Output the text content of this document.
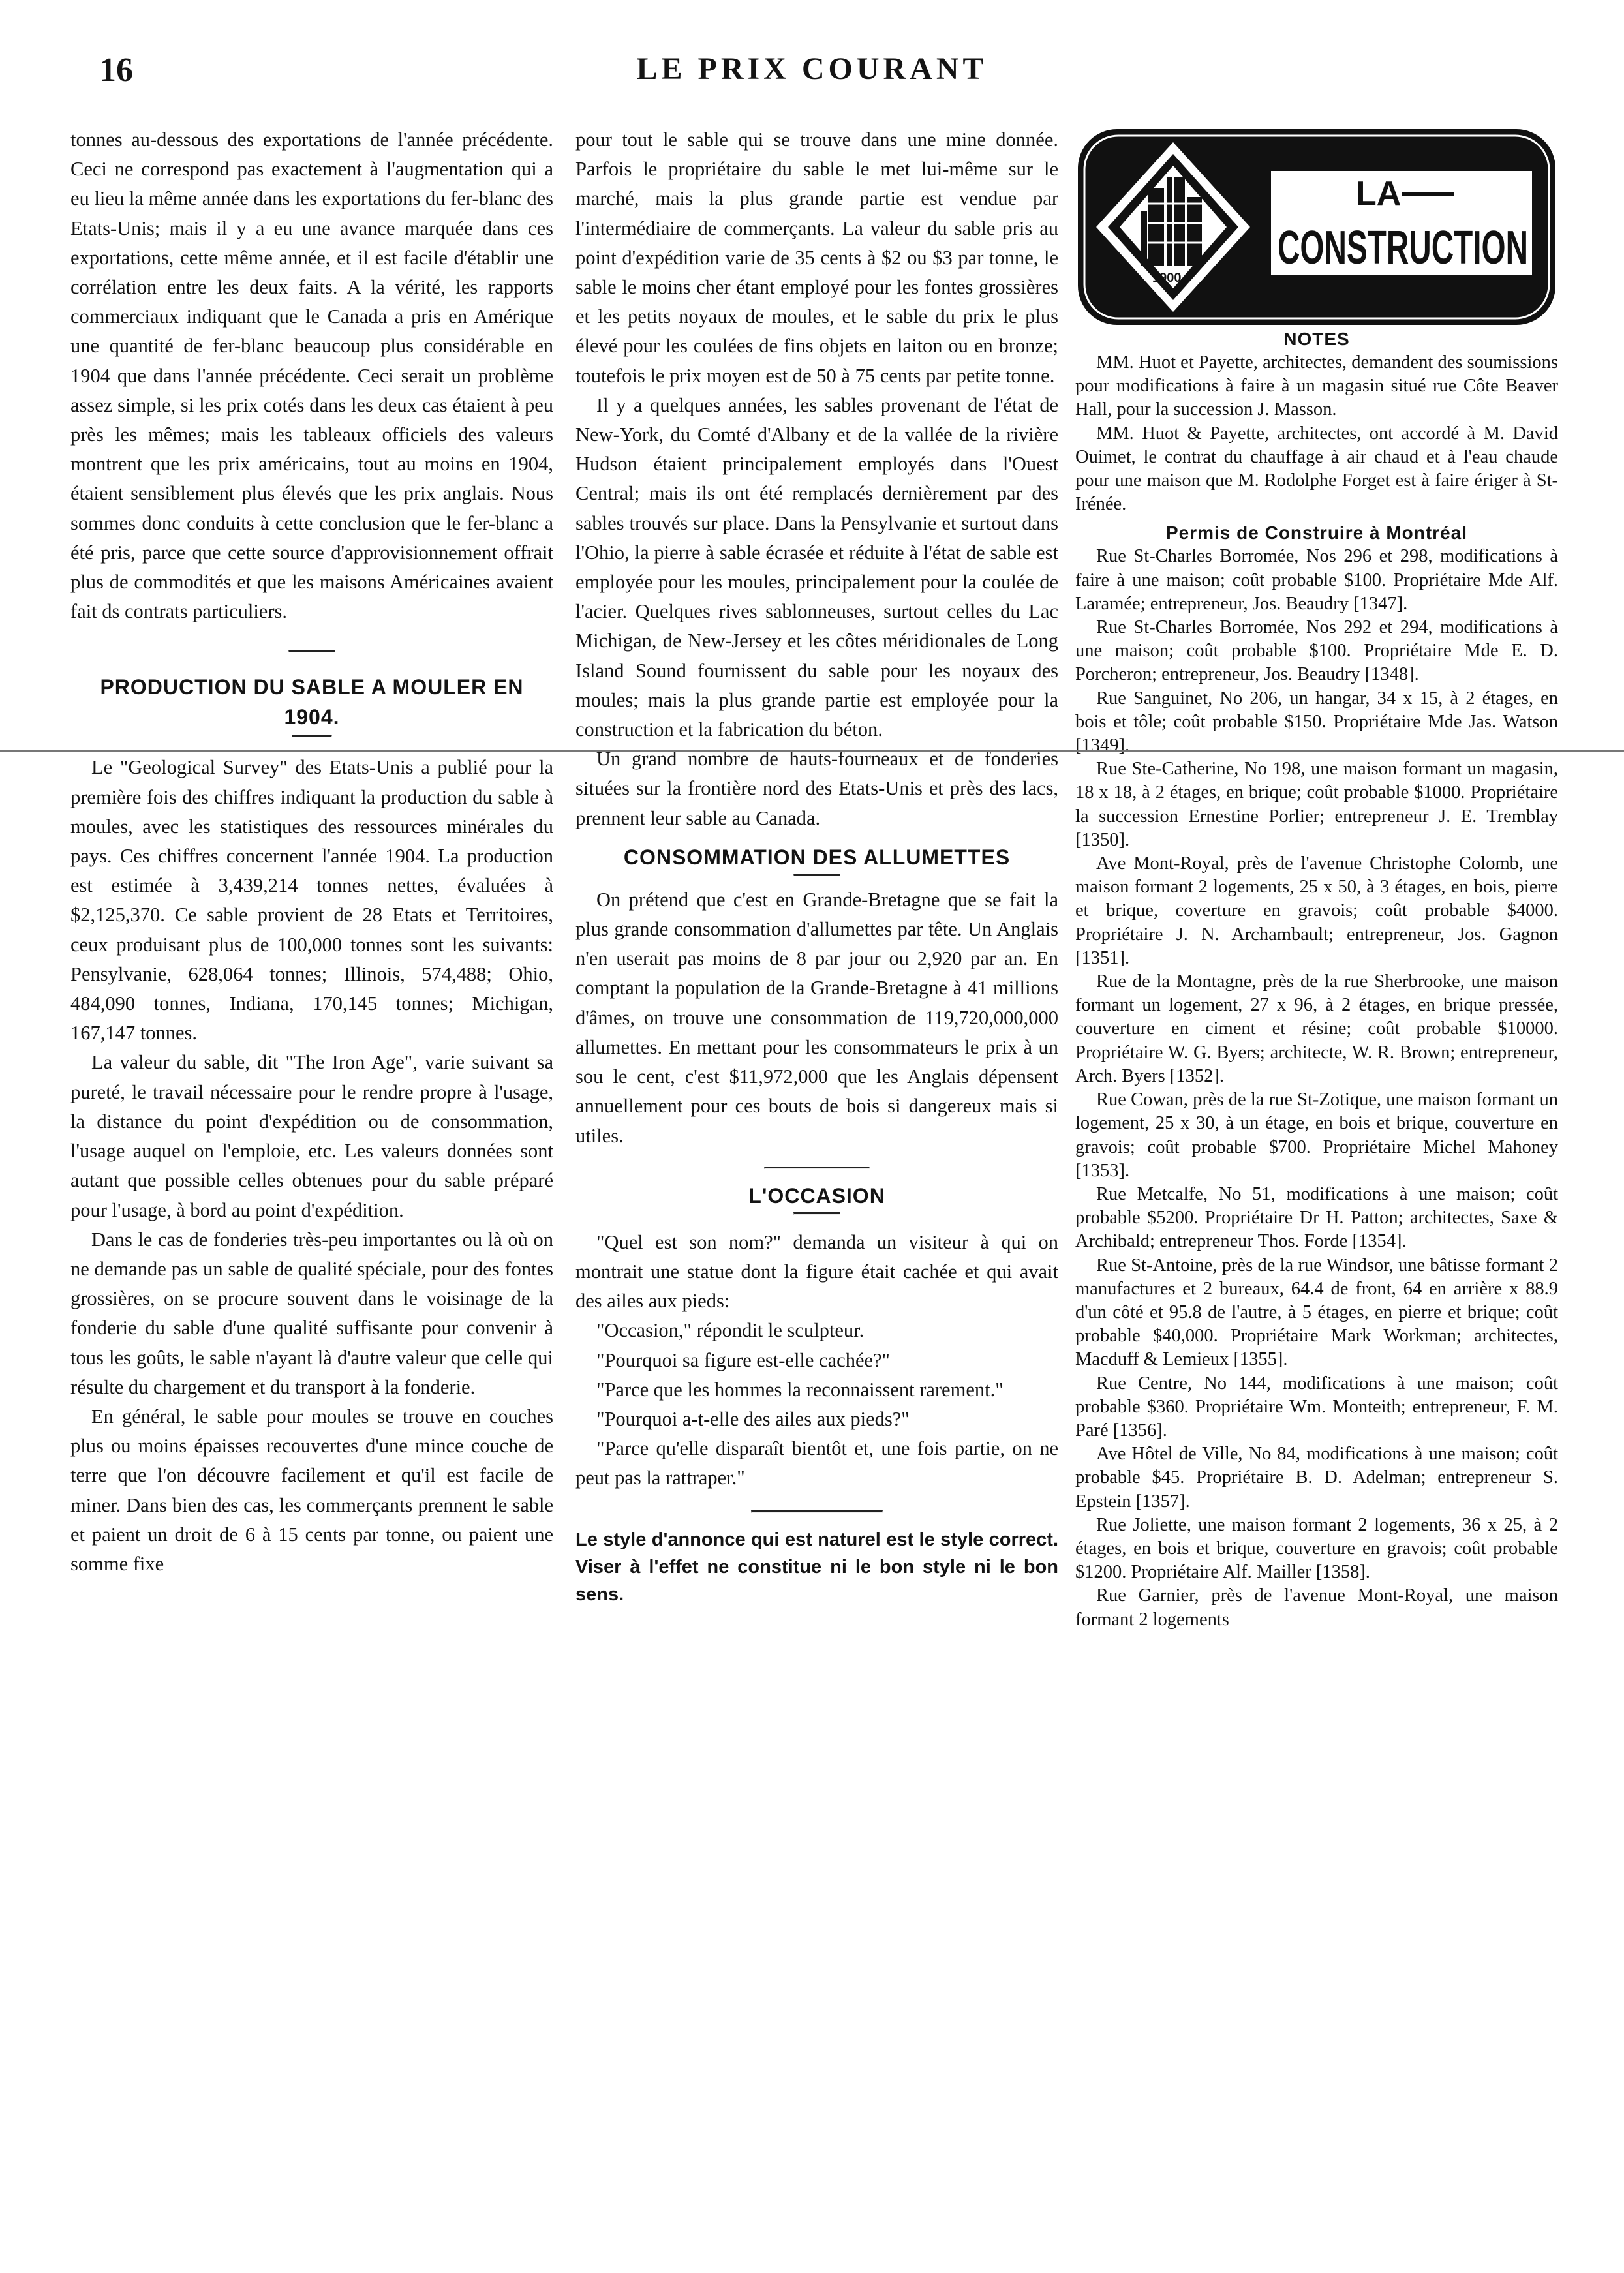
16	LE PRIX COURANT

tonnes au-dessous des exportations de l'année précédente. Ceci ne correspond pas exactement à l'augmentation qui a eu lieu la même année dans les exportations du fer-blanc des Etats-Unis; mais il y a eu une avance marquée dans ces exportations, cette même année, et il est facile d'établir une corrélation entre les deux faits. A la vérité, les rapports commerciaux indiquant que le Canada a pris en Amérique une quantité de fer-blanc beaucoup plus considérable en 1904 que dans l'année précédente. Ceci serait un problème assez simple, si les prix cotés dans les deux cas étaient à peu près les mêmes; mais les tableaux officiels des valeurs montrent que les prix américains, tout au moins en 1904, étaient sensiblement plus élevés que les prix anglais. Nous sommes donc conduits à cette conclusion que le fer-blanc a été pris, parce que cette source d'approvisionnement offrait plus de commodités et que les maisons Américaines avaient fait ds contrats particuliers.

PRODUCTION DU SABLE A MOULER EN 1904.

Le "Geological Survey" des Etats-Unis a publié pour la première fois des chiffres indiquant la production du sable à moules, avec les statistiques des ressources minérales du pays. Ces chiffres concernent l'année 1904. La production est estimée à 3,439,214 tonnes nettes, évaluées à $2,125,370. Ce sable provient de 28 Etats et Territoires, ceux produisant plus de 100,000 tonnes sont les suivants: Pensylvanie, 628,064 tonnes; Illinois, 574,488; Ohio, 484,090 tonnes, Indiana, 170,145 tonnes; Michigan, 167,147 tonnes.

La valeur du sable, dit "The Iron Age", varie suivant sa pureté, le travail nécessaire pour le rendre propre à l'usage, la distance du point d'expédition ou de consommation, l'usage auquel on l'emploie, etc. Les valeurs données sont autant que possible celles obtenues pour du sable préparé pour l'usage, à bord au point d'expédition.

Dans le cas de fonderies très-peu importantes ou là où on ne demande pas un sable de qualité spéciale, pour des fontes grossières, on se procure souvent dans le voisinage de la fonderie du sable d'une qualité suffisante pour convenir à tous les goûts, le sable n'ayant là d'autre valeur que celle qui résulte du chargement et du transport à la fonderie.

En général, le sable pour moules se trouve en couches plus ou moins épaisses recouvertes d'une mince couche de terre que l'on découvre facilement et qu'il est facile de miner. Dans bien des cas, les commerçants prennent le sable et paient un droit de 6 à 15 cents par tonne, ou paient une somme fixe

pour tout le sable qui se trouve dans une mine donnée. Parfois le propriétaire du sable le met lui-même sur le marché, mais la plus grande partie est vendue par l'intermédiaire de commerçants. La valeur du sable pris au point d'expédition varie de 35 cents à $2 ou $3 par tonne, le sable le moins cher étant employé pour les fontes grossières et les petits noyaux de moules, et le sable du prix le plus élevé pour les coulées de fins objets en laiton ou en bronze; toutefois le prix moyen est de 50 à 75 cents par petite tonne.

Il y a quelques années, les sables provenant de l'état de New-York, du Comté d'Albany et de la vallée de la rivière Hudson étaient principalement employés dans l'Ouest Central; mais ils ont été remplacés dernièrement par des sables trouvés sur place. Dans la Pensylvanie et surtout dans l'Ohio, la pierre à sable écrasée et réduite à l'état de sable est employée pour les moules, principalement pour la coulée de l'acier. Quelques rives sablonneuses, surtout celles du Lac Michigan, de New-Jersey et les côtes méridionales de Long Island Sound fournissent du sable pour les noyaux des moules; mais la plus grande partie est employée pour la construction et la fabrication du béton.

Un grand nombre de hauts-fourneaux et de fonderies situées sur la frontière nord des Etats-Unis et près des lacs, prennent leur sable au Canada.

CONSOMMATION DES ALLUMETTES

On prétend que c'est en Grande-Bretagne que se fait la plus grande consommation d'allumettes par tête. Un Anglais n'en userait pas moins de 8 par jour ou 2,920 par an. En comptant la population de la Grande-Bretagne à 41 millions d'âmes, on trouve une consommation de 119,720,000,000 allumettes. En mettant pour les consommateurs le prix à un sou le cent, c'est $11,972,000 que les Anglais dépensent annuellement pour ces bouts de bois si dangereux mais si utiles.

L'OCCASION

"Quel est son nom?" demanda un visiteur à qui on montrait une statue dont la figure était cachée et qui avait des ailes aux pieds:

"Occasion," répondit le sculpteur.

"Pourquoi sa figure est-elle cachée?"

"Parce que les hommes la reconnaissent rarement."

"Pourquoi a-t-elle des ailes aux pieds?"

"Parce qu'elle disparaît bientôt et, une fois partie, on ne peut pas la rattraper."

Le style d'annonce qui est naturel est le style correct. Viser à l'effet ne constitue ni le bon style ni le bon sens.

1900
LA
CONSTRUCTION

NOTES

MM. Huot et Payette, architectes, demandent des soumissions pour modifications à faire à un magasin situé rue Côte Beaver Hall, pour la succession J. Masson.

MM. Huot & Payette, architectes, ont accordé à M. David Ouimet, le contrat du chauffage à air chaud et à l'eau chaude pour une maison que M. Rodolphe Forget est à faire ériger à St-Irénée.

Permis de Construire à Montréal

Rue St-Charles Borromée, Nos 296 et 298, modifications à faire à une maison; coût probable $100. Propriétaire Mde Alf. Laramée; entrepreneur, Jos. Beaudry [1347].

Rue St-Charles Borromée, Nos 292 et 294, modifications à une maison; coût probable $100. Propriétaire Mde E. D. Porcheron; entrepreneur, Jos. Beaudry [1348].

Rue Sanguinet, No 206, un hangar, 34 x 15, à 2 étages, en bois et tôle; coût probable $150. Propriétaire Mde Jas. Watson [1349].

Rue Ste-Catherine, No 198, une maison formant un magasin, 18 x 18, à 2 étages, en brique; coût probable $1000. Propriétaire la succession Ernestine Porlier; entrepreneur J. E. Tremblay [1350].

Ave Mont-Royal, près de l'avenue Christophe Colomb, une maison formant 2 logements, 25 x 50, à 3 étages, en bois, pierre et brique, coverture en gravois; coût probable $4000. Propriétaire J. N. Archambault; entrepreneur, Jos. Gagnon [1351].

Rue de la Montagne, près de la rue Sherbrooke, une maison formant un logement, 27 x 96, à 2 étages, en brique pressée, couverture en ciment et résine; coût probable $10000. Propriétaire W. G. Byers; architecte, W. R. Brown; entrepreneur, Arch. Byers [1352].

Rue Cowan, près de la rue St-Zotique, une maison formant un logement, 25 x 30, à un étage, en bois et brique, couverture en gravois; coût probable $700. Propriétaire Michel Mahoney [1353].

Rue Metcalfe, No 51, modifications à une maison; coût probable $5200. Propriétaire Dr H. Patton; architectes, Saxe & Archibald; entrepreneur Thos. Forde [1354].

Rue St-Antoine, près de la rue Windsor, une bâtisse formant 2 manufactures et 2 bureaux, 64.4 de front, 64 en arrière x 88.9 d'un côté et 95.8 de l'autre, à 5 étages, en pierre et brique; coût probable $40,000. Propriétaire Mark Workman; architectes, Macduff & Lemieux [1355].

Rue Centre, No 144, modifications à une maison; coût probable $360. Propriétaire Wm. Monteith; entrepreneur, F. M. Paré [1356].

Ave Hôtel de Ville, No 84, modifications à une maison; coût probable $45. Propriétaire B. D. Adelman; entrepreneur S. Epstein [1357].

Rue Joliette, une maison formant 2 logements, 36 x 25, à 2 étages, en bois et brique, couverture en gravois; coût probable $1200. Propriétaire Alf. Mailler [1358].

Rue Garnier, près de l'avenue Mont-Royal, une maison formant 2 logements
